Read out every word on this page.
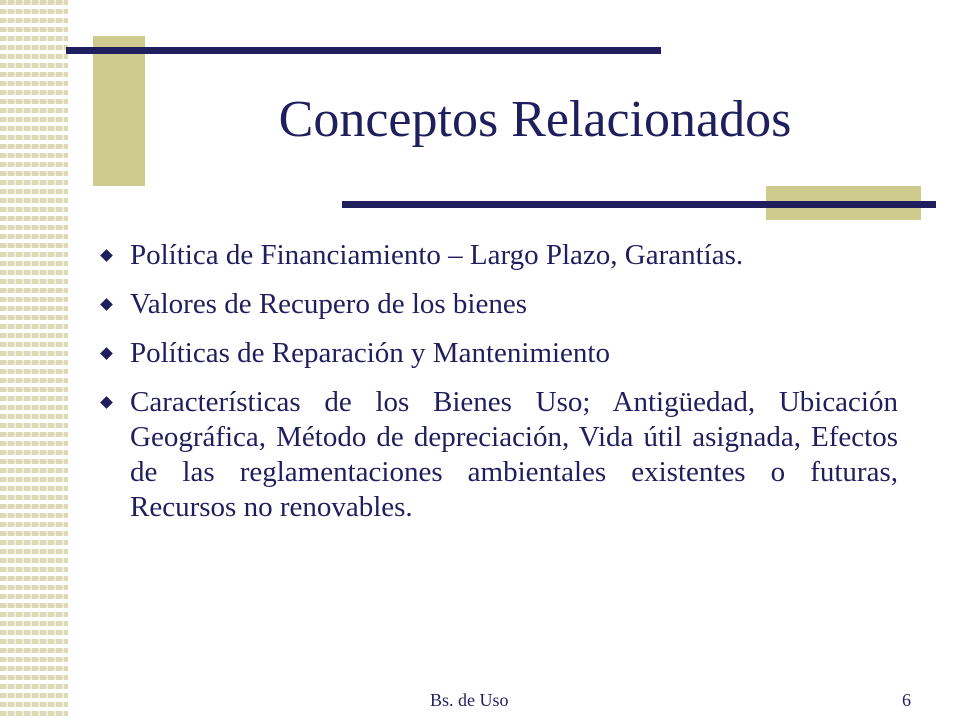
Conceptos Relacionados
Política de Financiamiento – Largo Plazo, Garantías.
Valores de Recupero de los bienes
Políticas de Reparación y Mantenimiento
Características de los Bienes Uso; Antigüedad, Ubicación Geográfica, Método de depreciación, Vida útil asignada, Efectos de las reglamentaciones ambientales existentes o futuras, Recursos no renovables.
Bs. de Uso	6
